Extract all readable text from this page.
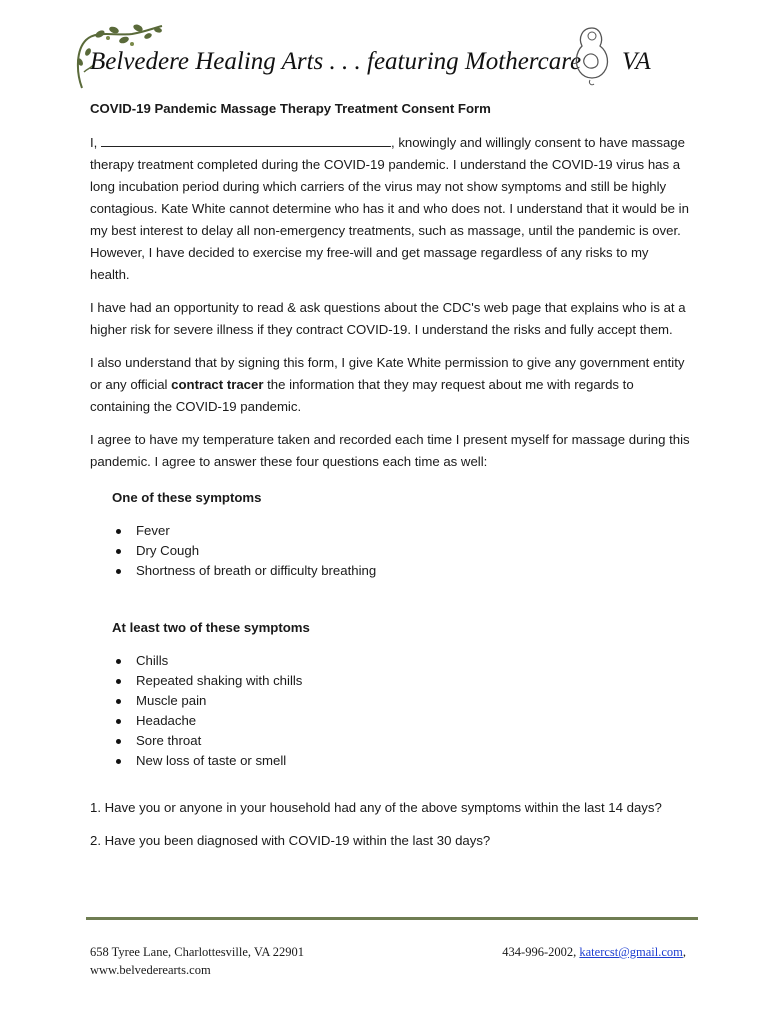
Belvedere Healing Arts . . . featuring Mothercare VA
COVID-19 Pandemic Massage Therapy Treatment Consent Form

I,	, knowingly and willingly consent to have massage therapy treatment completed during the COVID-19 pandemic. I understand the COVID-19 virus has a long incubation period during which carriers of the virus may not show symptoms and still be highly contagious. Kate White cannot determine who has it and who does not. I understand that it would be in my best interest to delay all non-emergency treatments, such as massage, until the pandemic is over. However, I have decided to exercise my free-will and get massage regardless of any risks to my health.

I have had an opportunity to read & ask questions about the CDC's web page that explains who is at a higher risk for severe illness if they contract COVID-19. I understand the risks and fully accept them.

I also understand that by signing this form, I give Kate White permission to give any government entity or any official contract tracer the information that they may request about me with regards to containing the COVID-19 pandemic.

I agree to have my temperature taken and recorded each time I present myself for massage during this pandemic. I agree to answer these four questions each time as well:

One of these symptoms
Fever
Dry Cough
Shortness of breath or difficulty breathing
At least two of these symptoms
Chills
Repeated shaking with chills
Muscle pain
Headache
Sore throat
New loss of taste or smell

1. Have you or anyone in your household had any of the above symptoms within the last 14 days?

2. Have you been diagnosed with COVID-19 within the last 30 days?

658 Tyree Lane, Charlottesville, VA 22901
www.belvederearts.com
434-996-2002, katercst@gmail.com,
